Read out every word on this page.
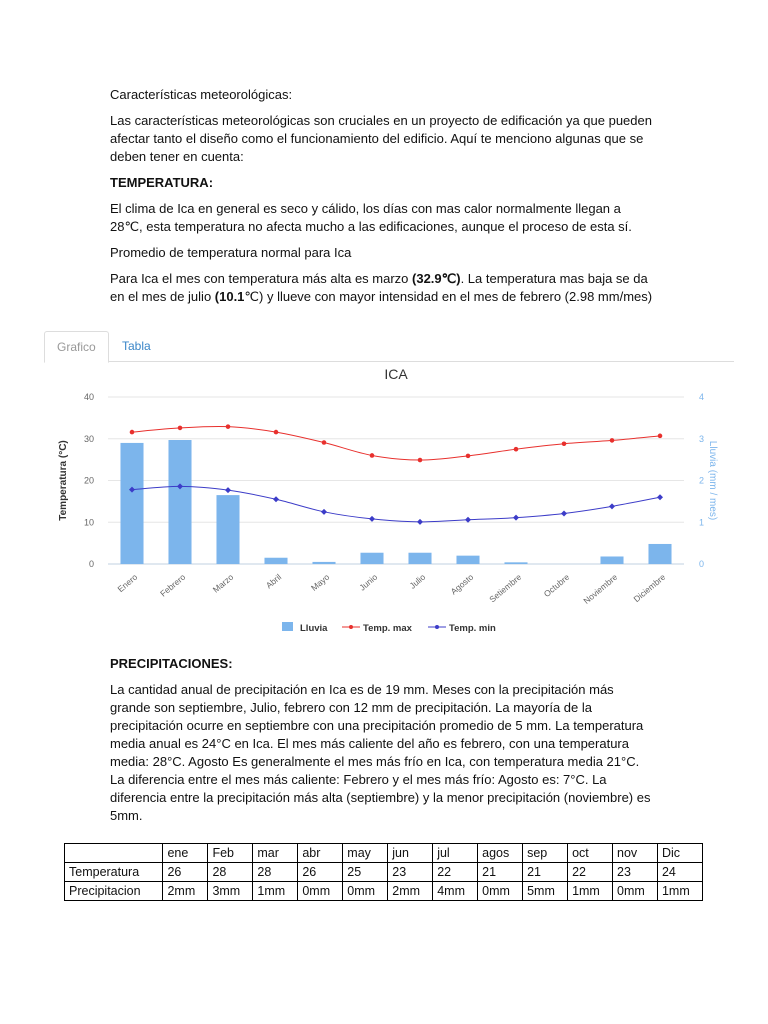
Características meteorológicas:

Las características meteorológicas son cruciales en un proyecto de edificación ya que pueden afectar tanto el diseño como el funcionamiento del edificio. Aquí te menciono algunas que se deben tener en cuenta:

TEMPERATURA:

El clima de Ica en general es seco y cálido, los días con mas calor normalmente llegan a 28℃, esta temperatura no afecta mucho a las edificaciones, aunque el proceso de esta sí.

Promedio de temperatura normal para Ica

Para Ica el mes con temperatura más alta es marzo (32.9℃). La temperatura mas baja se da en el mes de julio (10.1℃) y llueve con mayor intensidad en el mes de febrero (2.98 mm/mes)

Grafico	Tabla
ICA
0
10
20
30
40
0
1
2
3
4
Temperatura (°C)	Lluvia (mm / mes)
Enero Febrero	Marzo	Abril	Mayo	Junio	Julio	Agosto Setiembre Octubre Noviembre Diciembre
Lluvia	Temp. max	Temp. min

PRECIPITACIONES:

La cantidad anual de precipitación en Ica es de 19 mm. Meses con la precipitación más grande son septiembre, Julio, febrero con 12 mm de precipitación. La mayoría de la precipitación ocurre en septiembre con una precipitación promedio de 5 mm. La temperatura media anual es 24°C en Ica. El mes más caliente del año es febrero, con una temperatura media: 28°C. Agosto Es generalmente el mes más frío en Ica, con temperatura media 21°C. La diferencia entre el mes más caliente: Febrero y el mes más frío: Agosto es: 7°C. La diferencia entre la precipitación más alta (septiembre) y la menor precipitación (noviembre) es 5mm.

	ene	Feb	mar	abr	may	jun	jul	agos	sep	oct	nov	Dic
Temperatura	26	28	28	26	25	23	22	21	21	22	23	24
Precipitacion	2mm	3mm	1mm	0mm	0mm	2mm	4mm	0mm	5mm	1mm	0mm	1mm
